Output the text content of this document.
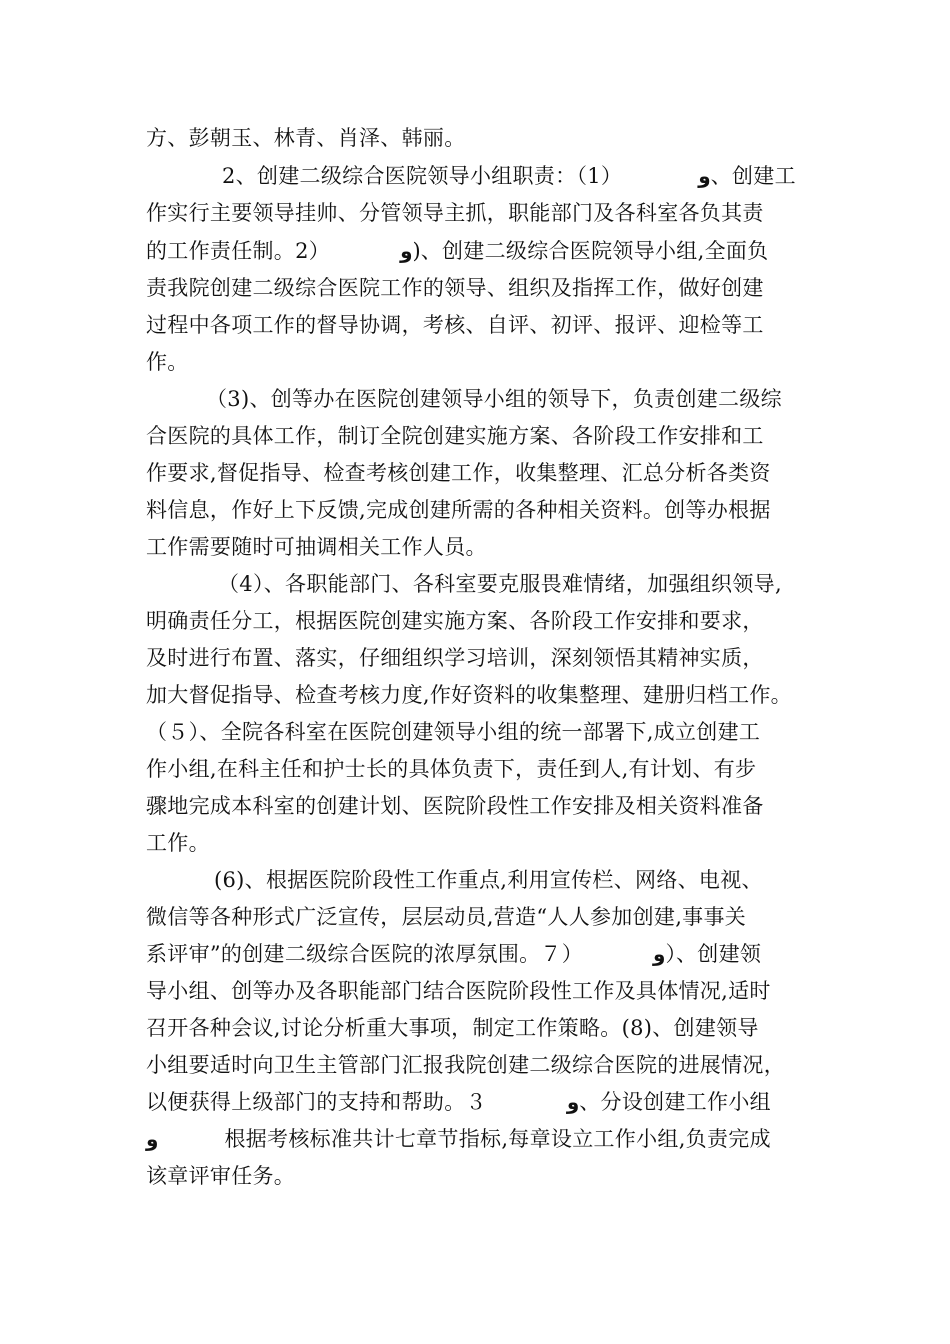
方、彭朝玉、林青、肖泽、韩丽。
2、创建二级综合医院领导小组职责：（1）	و、创建工
作实行主要领导挂帅、分管领导主抓，职能部门及各科室各负其责
的工作责任制。2）	و)、创建二级综合医院领导小组,全面负
责我院创建二级综合医院工作的领导、组织及指挥工作，做好创建
过程中各项工作的督导协调，考核、自评、初评、报评、迎检等工
作。
（3)、创等办在医院创建领导小组的领导下，负责创建二级综
合医院的具体工作，制订全院创建实施方案、各阶段工作安排和工
作要求,督促指导、检查考核创建工作，收集整理、汇总分析各类资
料信息，作好上下反馈,完成创建所需的各种相关资料。创等办根据
工作需要随时可抽调相关工作人员。
（4）、各职能部门、各科室要克服畏难情绪，加强组织领导,
明确责任分工，根据医院创建实施方案、各阶段工作安排和要求，
及时进行布置、落实，仔细组织学习培训，深刻领悟其精神实质，
加大督促指导、检查考核力度,作好资料的收集整理、建册归档工作。
（５）、全院各科室在医院创建领导小组的统一部署下,成立创建工
作小组,在科主任和护士长的具体负责下，责任到人,有计划、有步
骤地完成本科室的创建计划、医院阶段性工作安排及相关资料准备
工作。
(6)、根据医院阶段性工作重点,利用宣传栏、网络、电视、
微信等各种形式广泛宣传，层层动员,营造“人人参加创建,事事关
系评审”的创建二级综合医院的浓厚氛围。７）	و）、创建领
导小组、创等办及各职能部门结合医院阶段性工作及具体情况,适时
召开各种会议,讨论分析重大事项，制定工作策略。(8)、创建领导
小组要适时向卫生主管部门汇报我院创建二级综合医院的进展情况，
以便获得上级部门的支持和帮助。３	و、分设创建工作小组
و	根据考核标准共计七章节指标,每章设立工作小组,负责完成
该章评审任务。
